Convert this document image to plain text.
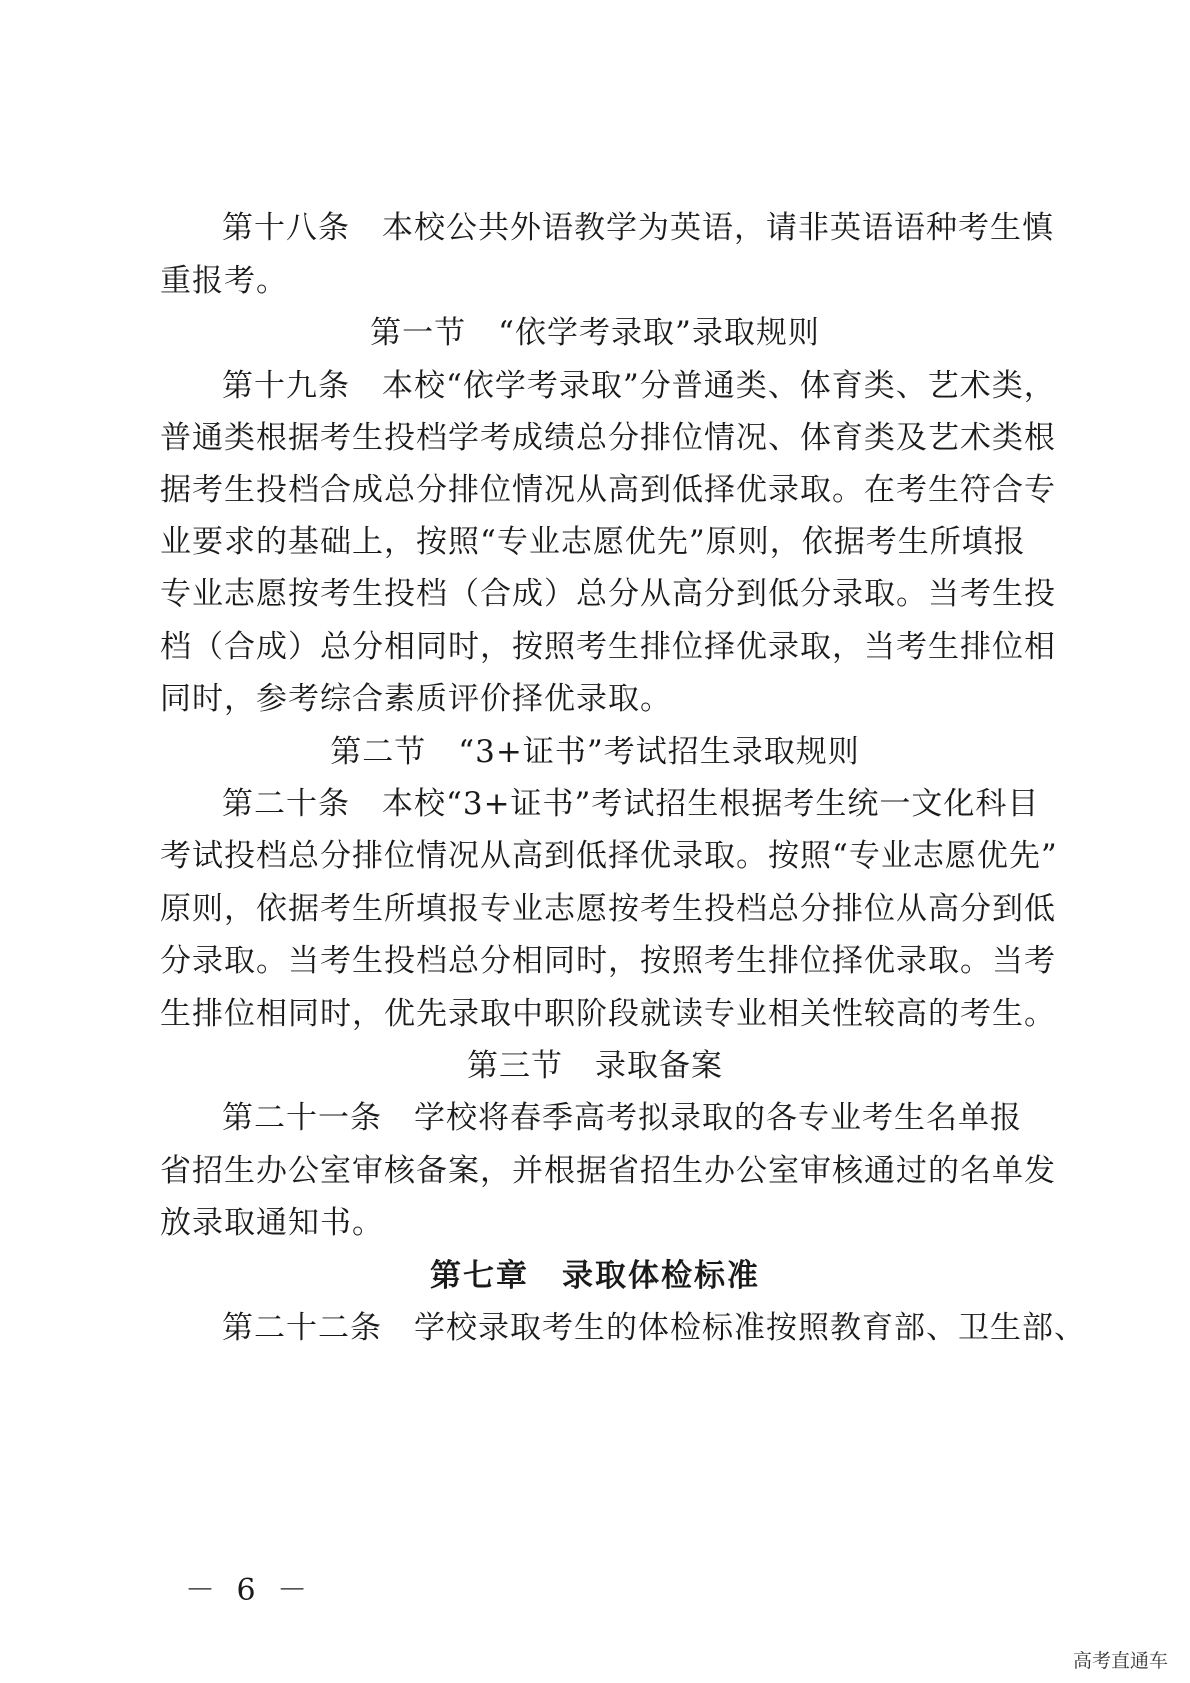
第十八条　本校公共外语教学为英语，请非英语语种考生慎
重报考。
第一节　“依学考录取”录取规则
第十九条　本校“依学考录取”分普通类、体育类、艺术类，
普通类根据考生投档学考成绩总分排位情况、体育类及艺术类根
据考生投档合成总分排位情况从高到低择优录取。在考生符合专
业要求的基础上，按照“专业志愿优先”原则，依据考生所填报
专业志愿按考生投档（合成）总分从高分到低分录取。当考生投
档（合成）总分相同时，按照考生排位择优录取，当考生排位相
同时，参考综合素质评价择优录取。
第二节　“3+证书”考试招生录取规则
第二十条　本校“3+证书”考试招生根据考生统一文化科目
考试投档总分排位情况从高到低择优录取。按照“专业志愿优先”
原则，依据考生所填报专业志愿按考生投档总分排位从高分到低
分录取。当考生投档总分相同时，按照考生排位择优录取。当考
生排位相同时，优先录取中职阶段就读专业相关性较高的考生。
第三节　录取备案
第二十一条　学校将春季高考拟录取的各专业考生名单报
省招生办公室审核备案，并根据省招生办公室审核通过的名单发
放录取通知书。
第七章　录取体检标准
第二十二条　学校录取考生的体检标准按照教育部、卫生部、
－ 6 －
高考直通车
